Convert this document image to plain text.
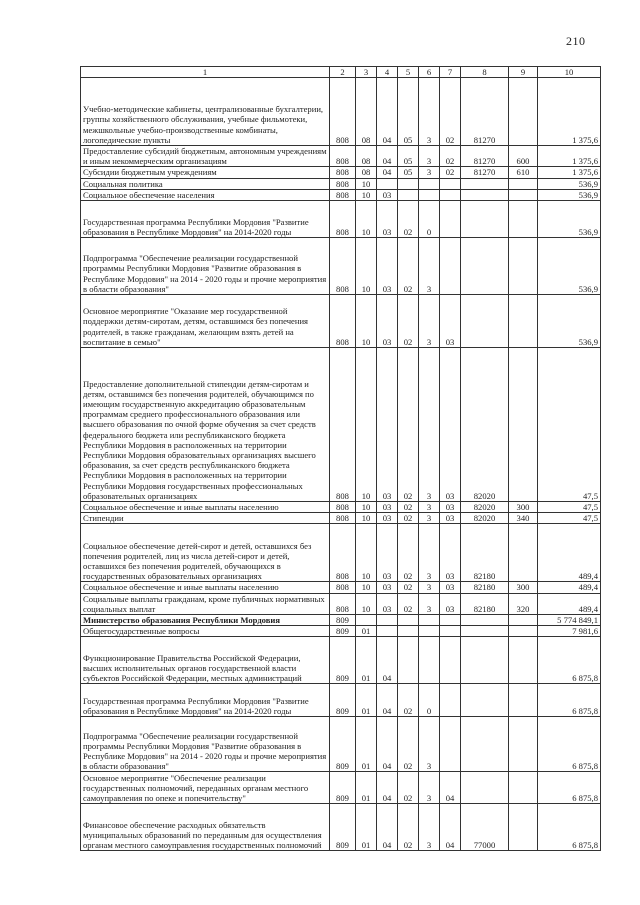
210
1	2	3	4	5	6	7	8	9	10
Учебно-методические кабинеты, централизованные бухгалтерии, группы хозяйственного обслуживания, учебные фильмотеки, межшкольные учебно-производственные комбинаты, логопедические пункты	808	08	04	05	3	02	81270		1 375,6
Предоставление субсидий бюджетным, автономным учреждениям и иным некоммерческим организациям	808	08	04	05	3	02	81270	600	1 375,6
Субсидии бюджетным учреждениям	808	08	04	05	3	02	81270	610	1 375,6
Социальная политика	808	10							536,9
Социальное обеспечение населения	808	10	03						536,9
Государственная программа Республики Мордовия "Развитие образования в Республике Мордовия" на 2014-2020 годы	808	10	03	02	0				536,9
Подпрограмма "Обеспечение реализации государственной программы Республики Мордовия "Развитие образования в Республике Мордовия" на 2014 - 2020 годы и прочие мероприятия в области образования"	808	10	03	02	3				536,9
Основное мероприятие "Оказание мер государственной поддержки детям-сиротам, детям, оставшимся без попечения родителей, в также гражданам, желающим взять детей на воспитание в семью"	808	10	03	02	3	03			536,9
Предоставление дополнительной стипендии детям-сиротам и детям, оставшимся без попечения родителей, обучающимся по имеющим государственную аккредитацию образовательным программам среднего профессионального образования или высшего образования по очной форме обучения за счет средств федерального бюджета или республиканского бюджета Республики Мордовия в расположенных на территории Республики Мордовия образовательных организациях высшего образования, за счет средств республиканского бюджета Республики Мордовия в расположенных на территории Республики Мордовия государственных профессиональных образовательных организациях	808	10	03	02	3	03	82020		47,5
Социальное обеспечение и иные выплаты населению	808	10	03	02	3	03	82020	300	47,5
Стипендии	808	10	03	02	3	03	82020	340	47,5
Социальное обеспечение детей-сирот и детей, оставшихся без попечения родителей, лиц из числа детей-сирот и детей, оставшихся без попечения родителей, обучающихся в государственных образовательных организациях	808	10	03	02	3	03	82180		489,4
Социальное обеспечение и иные выплаты населению	808	10	03	02	3	03	82180	300	489,4
Социальные выплаты гражданам, кроме публичных нормативных социальных выплат	808	10	03	02	3	03	82180	320	489,4
Министерство образования Республики Мордовия	809								5 774 849,1
Общегосударственные вопросы	809	01							7 981,6
Функционирование Правительства Российской Федерации, высших исполнительных органов государственной власти субъектов Российской Федерации, местных администраций	809	01	04						6 875,8
Государственная программа Республики Мордовия "Развитие образования в Республике Мордовия" на 2014-2020 годы	809	01	04	02	0				6 875,8
Подпрограмма "Обеспечение реализации государственной программы Республики Мордовия "Развитие образования в Республике Мордовия" на 2014 - 2020 годы и прочие мероприятия в области образования"	809	01	04	02	3				6 875,8
Основное мероприятие "Обеспечение реализации государственных полномочий, переданных органам местного самоуправления по опеке и попечительству"	809	01	04	02	3	04			6 875,8
Финансовое обеспечение расходных обязательств муниципальных образований по переданным для осуществления органам местного самоуправления государственных полномочий	809	01	04	02	3	04	77000		6 875,8
